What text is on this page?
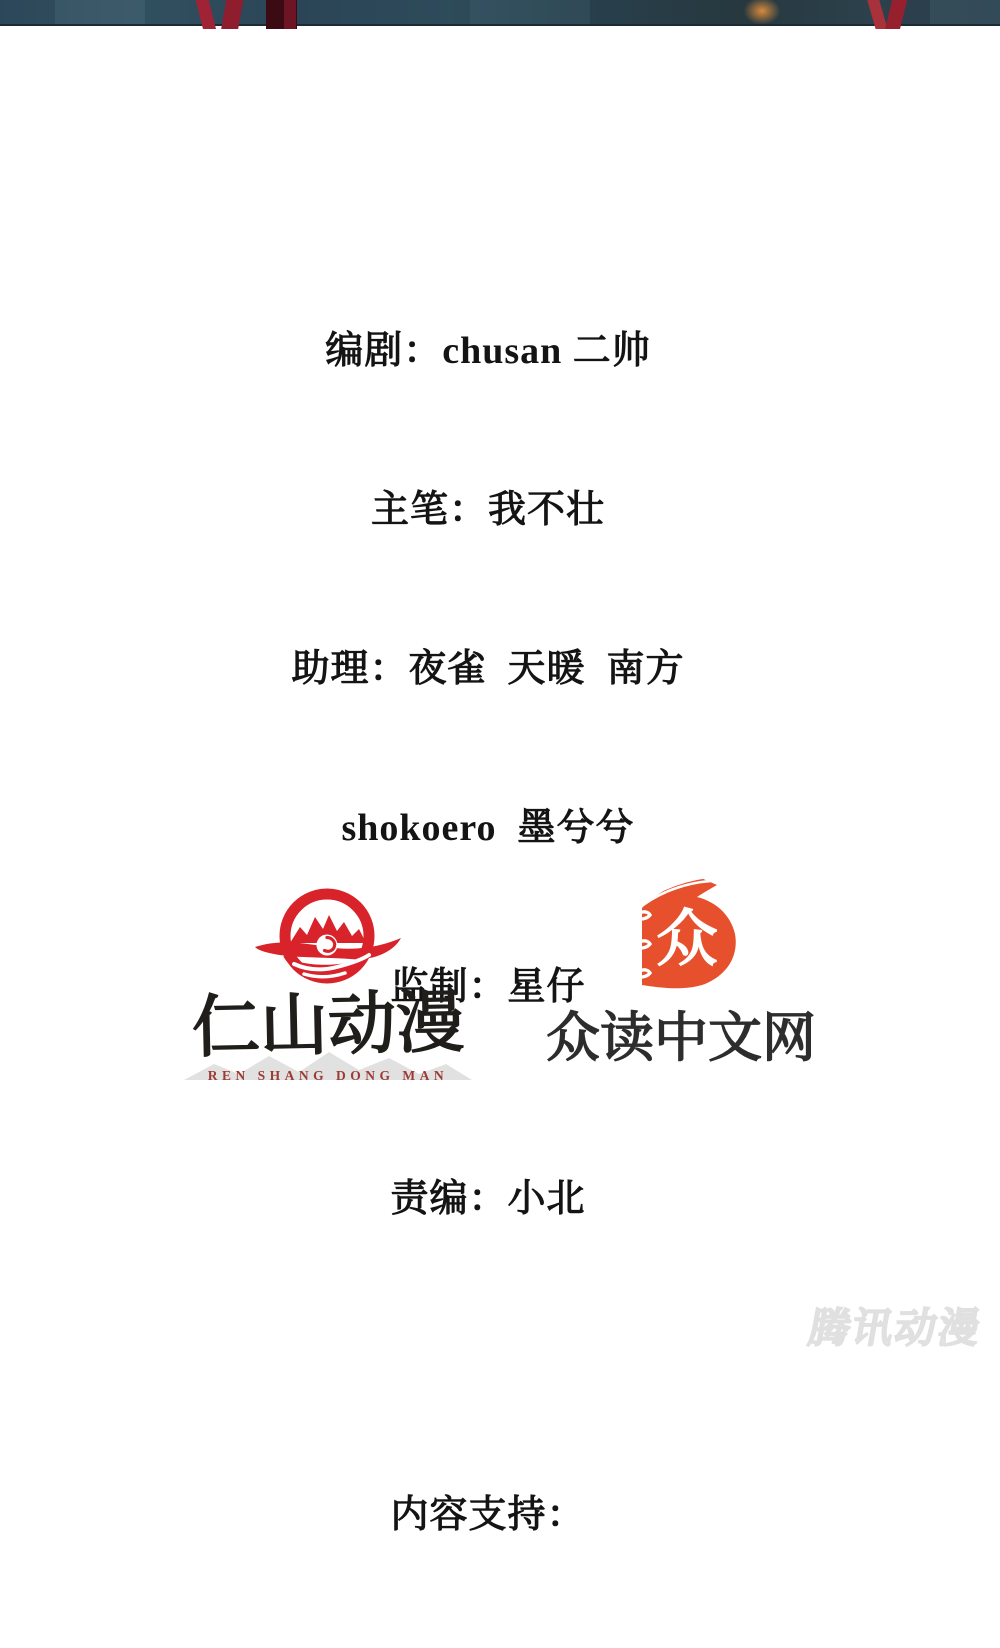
编剧：chusan 二帅

主笔：我不壮

助理：夜雀  天暖  南方

shokoero  墨兮兮

监制：星仔

责编：小北

内容支持：

仁山动漫
REN SHANG DONG MAN
众
众读中文网
腾讯动漫
